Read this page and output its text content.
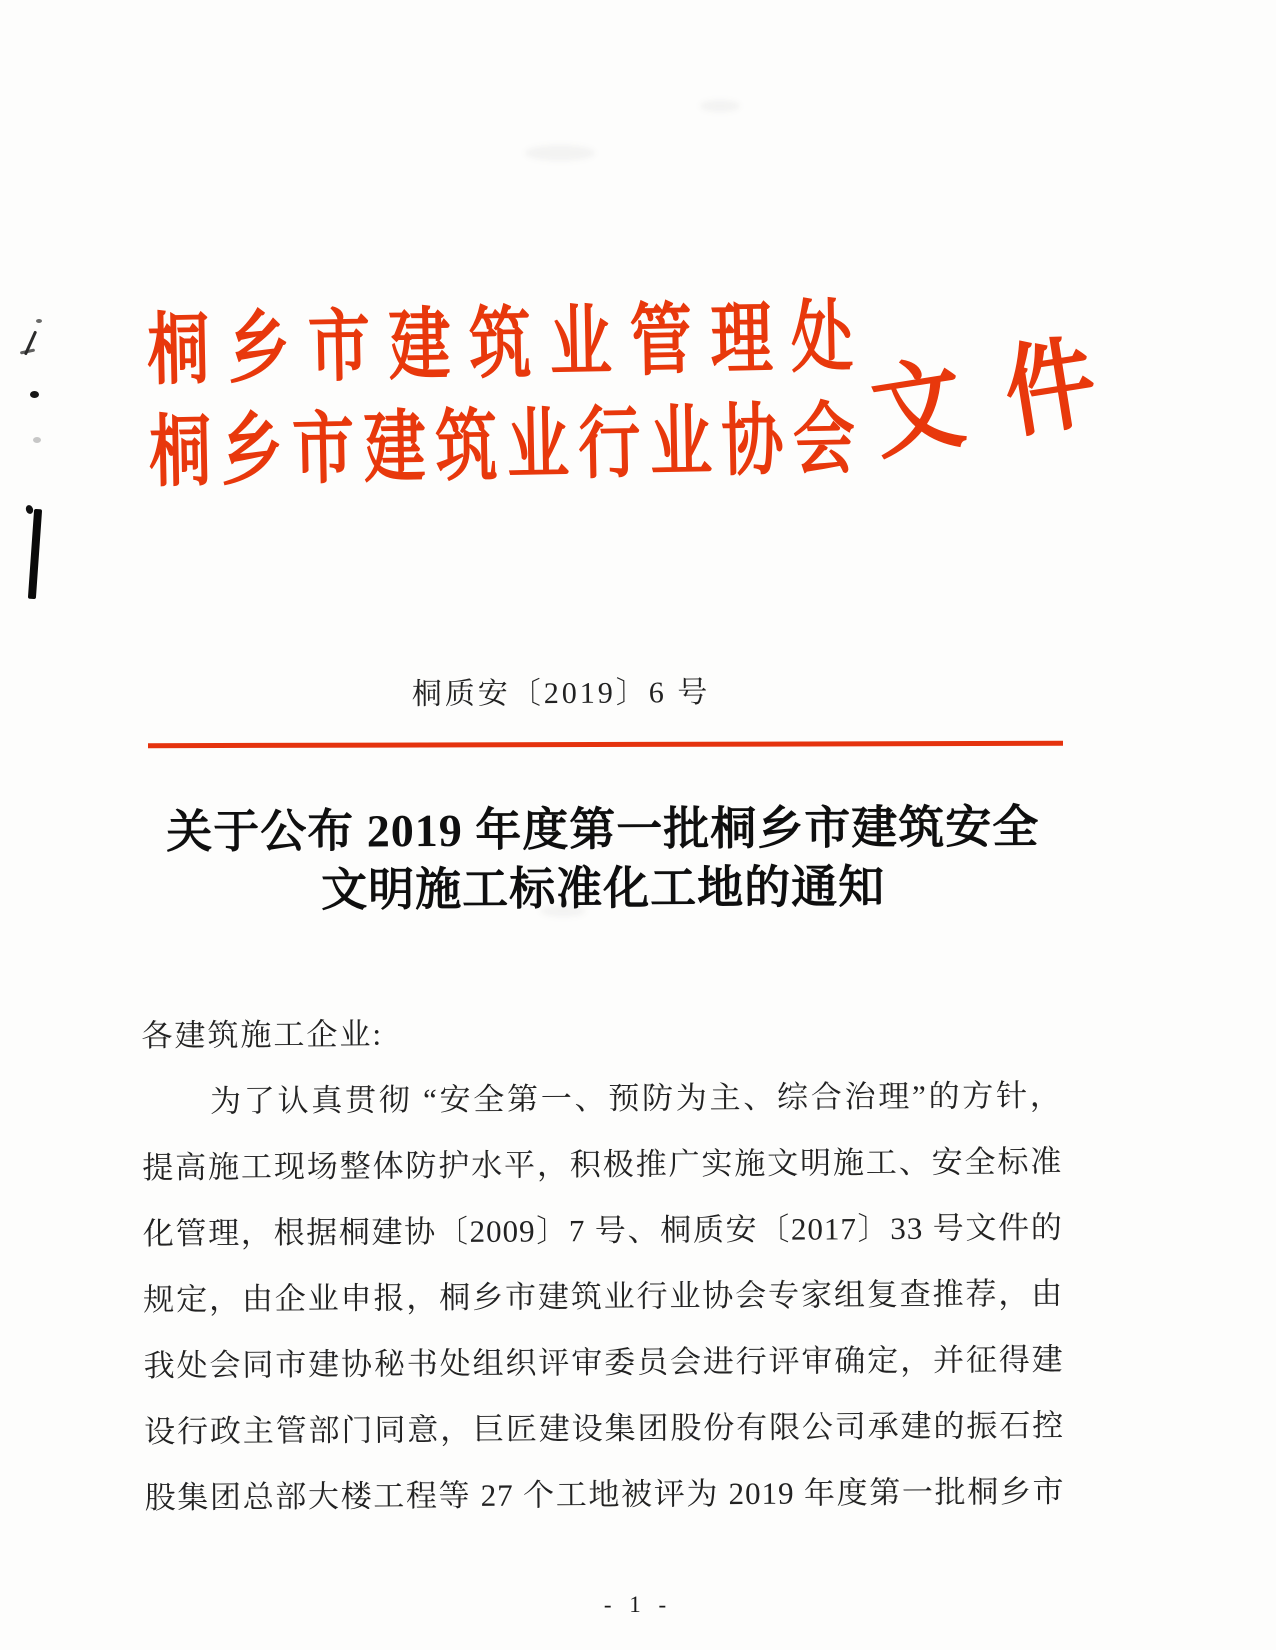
桐 乡 市 建 筑 业 管 理 处
桐 乡 市 建 筑 业 行 业 协 会 文件
桐质安〔2019〕6 号
关于公布 2019 年度第一批桐乡市建筑安全
文明施工标准化工地的通知
各建筑施工企业:
为了认真贯彻 “安全第一、预防为主、综合治理”的方针，
提高施工现场整体防护水平，积极推广实施文明施工、安全标准
化管理，根据桐建协〔2009〕7 号、桐质安〔2017〕33 号文件的
规定，由企业申报，桐乡市建筑业行业协会专家组复查推荐，由
我处会同市建协秘书处组织评审委员会进行评审确定，并征得建
设行政主管部门同意，巨匠建设集团股份有限公司承建的振石控
股集团总部大楼工程等 27 个工地被评为 2019 年度第一批桐乡市
- 1 -
